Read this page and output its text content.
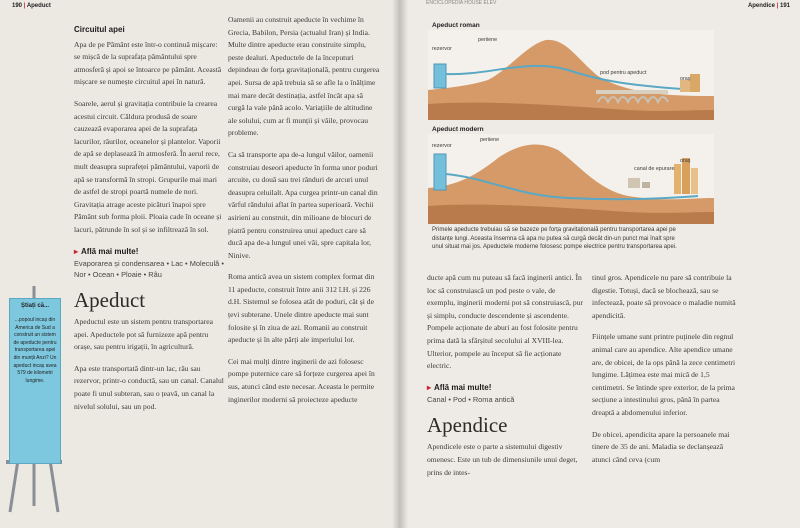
190 | Apeduct
Circuitul apei

Apa de pe Pământ este într-o continuă mișcare: se mișcă de la suprafața pământului spre atmosferă și apoi se întoarce pe pământ. Această mișcare se numește circuitul apei în natură.

Soarele, aerul și gravitația contribuie la crearea acestui circuit. Căldura produsă de soare cauzează evaporarea apei de la suprafața lacurilor, râurilor, oceanelor și plantelor. Vaporii de apă se deplasează în atmosferă. În aerul rece, mult deasupra suprafeței pământului, vaporii de apă se transformă în stropi. Grupurile mai mari de astfel de stropi poartă numele de nori. Gravitația atrage aceste picături înapoi spre Pământ sub forma ploii. Ploaia cade în oceane și lacuri, pătrunde în sol și se infiltrează în sol.

▸ Află mai multe!
Evaporarea și condensarea • Lac • Moleculă • Nor • Ocean • Ploaie • Râu
Apeduct

Apeductul este un sistem pentru transportarea apei. Apeductele pot să furnizeze apă pentru orașe, sau pentru irigații, în agricultură.

Apa este transportată dintr-un lac, râu sau rezervor, printr-o conductă, sau un canal. Canalul poate fi unul subteran, sau o țeavă, un canal la nivelul solului, sau un pod.

Oamenii au construit apeducte în vechime în Grecia, Babilon, Persia (actualul Iran) și India. Multe dintre apeducte erau construite simplu, peste dealuri. Apeductele de la începuturi depindeau de forța gravitațională, pentru curgerea apei. Sursa de apă trebuia să se afle la o înălțime mai mare decât destinația, astfel încât apa să curgă la vale până acolo. Variațiile de altitudine ale solului, cum ar fi munții și văile, provocau probleme.

Ca să transporte apa de-a lungul văilor, oamenii construiau deseori apeducte în forma unor poduri arcuite, cu două sau trei rânduri de arcuri unul deasupra celuilalt. Apa curgea printr-un canal din vârful rândului aflat în partea superioară. Vechii asirieni au construit, din milioane de blocuri de piatră pentru construirea unui apeduct care să ducă apa de-a lungul unei văi, spre capitala lor, Ninive.

Roma antică avea un sistem complex format din 11 apeducte, construit între anii 312 î.H. și 226 d.H. Sistemul se folosea atât de poduri, cât și de țevi subterane. Unele dintre apeducte mai sunt folosite și în ziua de azi. Romanii au construit apeducte și în alte părți ale imperiului lor.

Cei mai mulți dintre inginerii de azi folosesc pompe puternice care să forțeze curgerea apei în sus, atunci când este necesar. Aceasta le permite inginerilor moderni să proiecteze apeducte

Știați că...
...popoul incaș din America de Sud a construit un sistem de apeducte pentru transportarea apei din munții Anzi? Un apeduct incaș avea 579 de kilometri lungime.
ENCICLOPEDIA HOUSE ELEV	Apendice | 191
Apeduct roman
rezervor
periiene
pod pentru apeduct
oraș
Apeduct modern
rezervor
periiene
canal de epurare
oraș
Primele apeducte trebuiau să se bazeze pe forța gravitațională pentru transportarea apei pe distanțe lungi. Aceasta însemna că apa nu putea să curgă decât din-un punct mai înalt spre unul situat mai jos. Apeductele moderne folosesc pompe electrice pentru transportarea apei.

ducte apă cum nu puteau să facă inginerii antici. În loc să construiască un pod peste o vale, de exemplu, inginerii moderni pot să construiască, pur și simplu, conducte descendente și ascendente. Pompele acționate de aburi au fost folosite pentru prima dată la sfârșitul secolului al XVIII-lea. Ulterior, pompele au început să fie acționate electric.

▸ Află mai multe!
Canal • Pod • Roma antică
Apendice

Apendicele este o parte a sistemului digestiv omenesc. Este un tub de dimensiunile unui deget, prins de intes-

tinul gros. Apendicele nu pare să contribuie la digestie. Totuși, dacă se blochează, sau se infectează, poate să provoace o maladie numită apendicită.

Ființele umane sunt printre puținele din regnul animal care au apendice. Alte apendice umane are, de obicei, de la ops până la zece centimetri lungime. Lățimea este mai mică de 1,5 centimetri. Se întinde spre exterior, de la prima secțiune a intestinului gros, până în partea dreaptă a abdomenului inferior.

De obicei, apendicita apare la persoanele mai tinere de 35 de ani. Maladia se declanșează atunci când ceva (cum
